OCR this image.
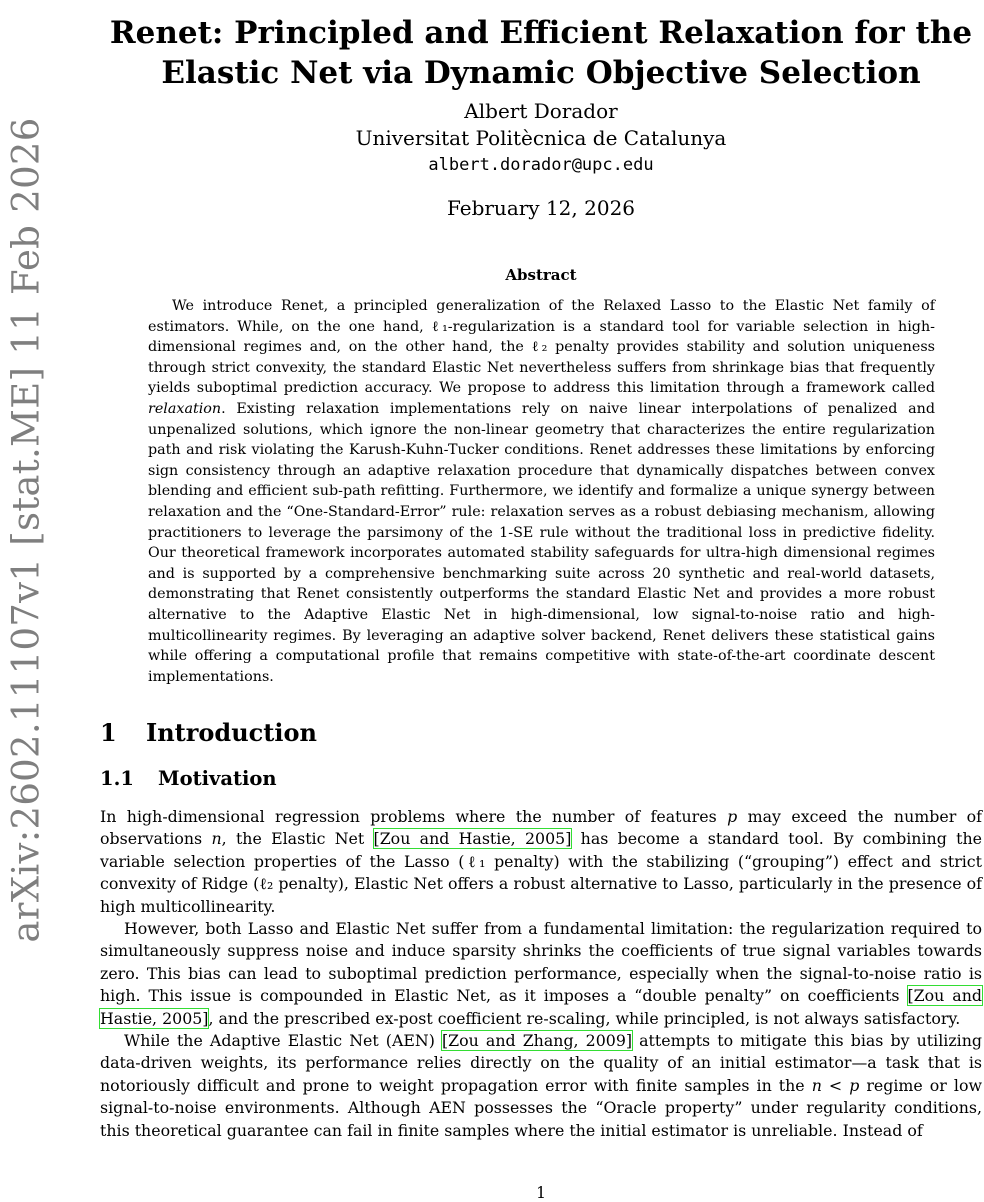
arXiv:2602.11107v1 [stat.ME] 11 Feb 2026
Renet: Principled and Efficient Relaxation for the
Elastic Net via Dynamic Objective Selection
Albert Dorador
Universitat Politècnica de Catalunya
albert.dorador@upc.edu
February 12, 2026
Abstract

We introduce Renet, a principled generalization of the Relaxed Lasso to the Elastic Net family of estimators. While, on the one hand, ℓ₁-regularization is a standard tool for variable selection in high-dimensional regimes and, on the other hand, the ℓ₂ penalty provides stability and solution uniqueness through strict convexity, the standard Elastic Net nevertheless suffers from shrinkage bias that frequently yields suboptimal prediction accuracy. We propose to address this limitation through a framework called relaxation. Existing relaxation implementations rely on naive linear interpolations of penalized and unpenalized solutions, which ignore the non-linear geometry that characterizes the entire regularization path and risk violating the Karush-Kuhn-Tucker conditions. Renet addresses these limitations by enforcing sign consistency through an adaptive relaxation procedure that dynamically dispatches between convex blending and efficient sub-path refitting. Furthermore, we identify and formalize a unique synergy between relaxation and the “One-Standard-Error” rule: relaxation serves as a robust debiasing mechanism, allowing practitioners to leverage the parsimony of the 1-SE rule without the traditional loss in predictive fidelity. Our theoretical framework incorporates automated stability safeguards for ultra-high dimensional regimes and is supported by a comprehensive benchmarking suite across 20 synthetic and real-world datasets, demonstrating that Renet consistently outperforms the standard Elastic Net and provides a more robust alternative to the Adaptive Elastic Net in high-dimensional, low signal-to-noise ratio and high-multicollinearity regimes. By leveraging an adaptive solver backend, Renet delivers these statistical gains while offering a computational profile that remains competitive with state-of-the-art coordinate descent implementations.

1 Introduction
1.1 Motivation

In high-dimensional regression problems where the number of features p may exceed the number of observations n, the Elastic Net [Zou and Hastie, 2005] has become a standard tool. By combining the variable selection properties of the Lasso (ℓ₁ penalty) with the stabilizing (“grouping”) effect and strict convexity of Ridge (ℓ₂ penalty), Elastic Net offers a robust alternative to Lasso, particularly in the presence of high multicollinearity.

However, both Lasso and Elastic Net suffer from a fundamental limitation: the regularization required to simultaneously suppress noise and induce sparsity shrinks the coefficients of true signal variables towards zero. This bias can lead to suboptimal prediction performance, especially when the signal-to-noise ratio is high. This issue is compounded in Elastic Net, as it imposes a “double penalty” on coefficients [Zou and Hastie, 2005], and the prescribed ex-post coefficient re-scaling, while principled, is not always satisfactory.

While the Adaptive Elastic Net (AEN) [Zou and Zhang, 2009] attempts to mitigate this bias by utilizing data-driven weights, its performance relies directly on the quality of an initial estimator—a task that is notoriously difficult and prone to weight propagation error with finite samples in the n < p regime or low signal-to-noise environments. Although AEN possesses the “Oracle property” under regularity conditions, this theoretical guarantee can fail in finite samples where the initial estimator is unreliable. Instead of

1
